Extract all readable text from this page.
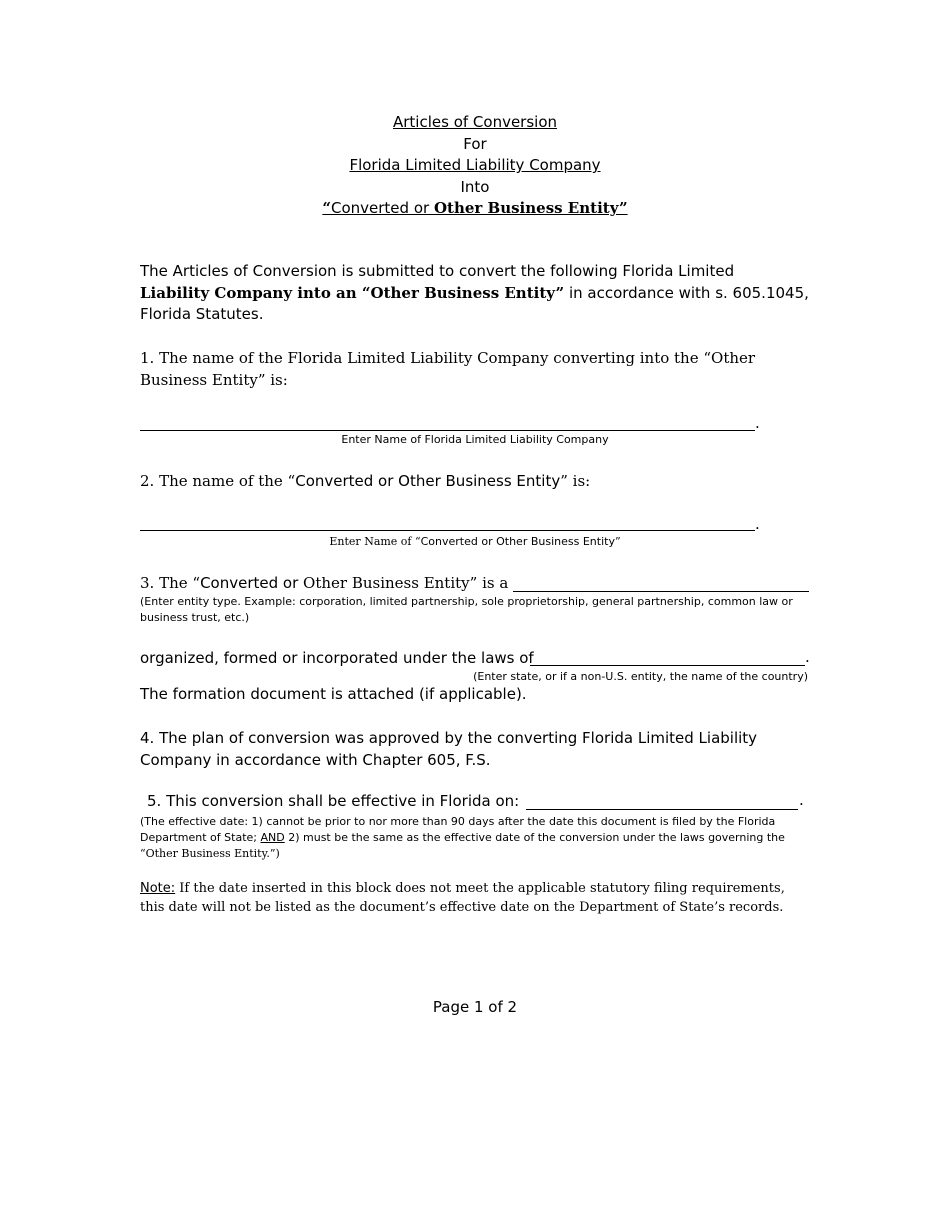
Articles of Conversion
For
Florida Limited Liability Company
Into
“Converted or Other Business Entity”
The Articles of Conversion is submitted to convert the following Florida Limited
Liability Company into an “Other Business Entity” in accordance with s. 605.1045,
Florida Statutes.
1. The name of the Florida Limited Liability Company converting into the “Other Business Entity” is:
.
Enter Name of Florida Limited Liability Company
2. The name of the “Converted or Other Business Entity” is:
.
Enter Name of “Converted or Other Business Entity”
3. The “Converted or Other Business Entity” is a
(Enter entity type. Example: corporation, limited partnership, sole proprietorship, general partnership, common law or business trust, etc.)
organized, formed or incorporated under the laws of	.
(Enter state, or if a non-U.S. entity, the name of the country)
The formation document is attached (if applicable).
4. The plan of conversion was approved by the converting Florida Limited Liability Company in accordance with Chapter 605, F.S.
5. This conversion shall be effective in Florida on:	.
(The effective date: 1) cannot be prior to nor more than 90 days after the date this document is filed by the Florida Department of State; AND 2) must be the same as the effective date of the conversion under the laws governing the
“Other Business Entity.”)
Note: If the date inserted in this block does not meet the applicable statutory filing requirements, this date will not be listed as the document’s effective date on the Department of State’s records.
Page 1 of 2
